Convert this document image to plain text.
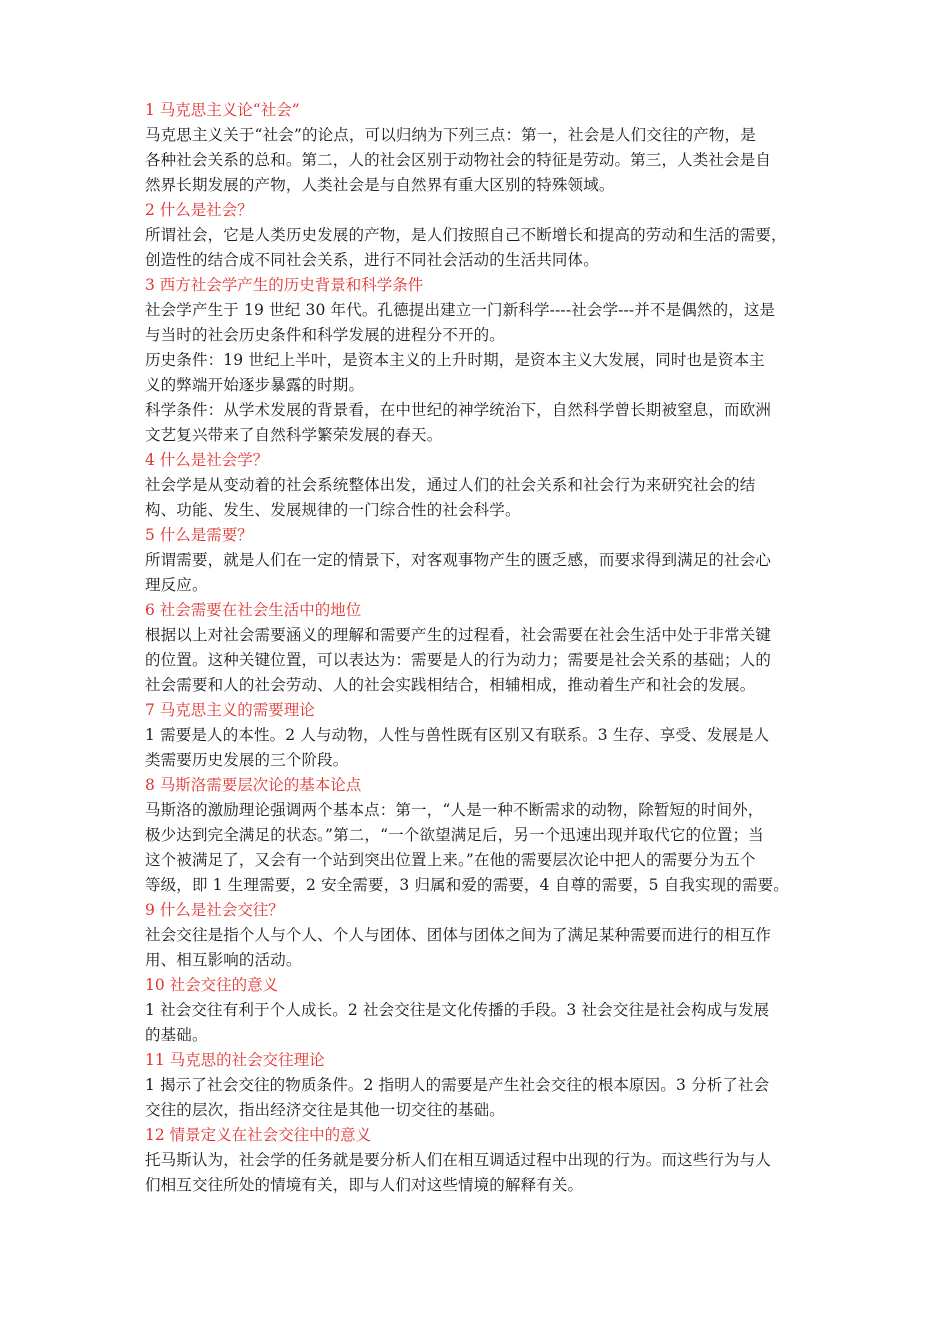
1 马克思主义论“社会”

马克思主义关于“社会”的论点，可以归纳为下列三点：第一，社会是人们交往的产物，是
各种社会关系的总和。第二，人的社会区别于动物社会的特征是劳动。第三，人类社会是自
然界长期发展的产物，人类社会是与自然界有重大区别的特殊领域。

2 什么是社会？

所谓社会，它是人类历史发展的产物，是人们按照自己不断增长和提高的劳动和生活的需要，
创造性的结合成不同社会关系，进行不同社会活动的生活共同体。

3 西方社会学产生的历史背景和科学条件

社会学产生于 19 世纪 30 年代。孔德提出建立一门新科学----社会学---并不是偶然的，这是
与当时的社会历史条件和科学发展的进程分不开的。

历史条件：19 世纪上半叶，是资本主义的上升时期，是资本主义大发展，同时也是资本主
义的弊端开始逐步暴露的时期。

科学条件：从学术发展的背景看，在中世纪的神学统治下，自然科学曾长期被窒息，而欧洲
文艺复兴带来了自然科学繁荣发展的春天。

4 什么是社会学？

社会学是从变动着的社会系统整体出发，通过人们的社会关系和社会行为来研究社会的结
构、功能、发生、发展规律的一门综合性的社会科学。

5 什么是需要？

所谓需要，就是人们在一定的情景下，对客观事物产生的匮乏感，而要求得到满足的社会心
理反应。

6 社会需要在社会生活中的地位

根据以上对社会需要涵义的理解和需要产生的过程看，社会需要在社会生活中处于非常关键
的位置。这种关键位置，可以表达为：需要是人的行为动力；需要是社会关系的基础；人的
社会需要和人的社会劳动、人的社会实践相结合，相辅相成，推动着生产和社会的发展。

7 马克思主义的需要理论

1 需要是人的本性。2 人与动物，人性与兽性既有区别又有联系。3 生存、享受、发展是人
类需要历史发展的三个阶段。

8 马斯洛需要层次论的基本论点

马斯洛的激励理论强调两个基本点：第一，“人是一种不断需求的动物，除暂短的时间外，
极少达到完全满足的状态。”第二，“一个欲望满足后，另一个迅速出现并取代它的位置；当
这个被满足了，又会有一个站到突出位置上来。”在他的需要层次论中把人的需要分为五个
等级，即 1 生理需要，2 安全需要，3 归属和爱的需要，4 自尊的需要，5 自我实现的需要。

9 什么是社会交往？

社会交往是指个人与个人、个人与团体、团体与团体之间为了满足某种需要而进行的相互作
用、相互影响的活动。

10 社会交往的意义

1 社会交往有利于个人成长。2 社会交往是文化传播的手段。3 社会交往是社会构成与发展
的基础。

11 马克思的社会交往理论

1 揭示了社会交往的物质条件。2 指明人的需要是产生社会交往的根本原因。3 分析了社会
交往的层次，指出经济交往是其他一切交往的基础。

12 情景定义在社会交往中的意义

托马斯认为，社会学的任务就是要分析人们在相互调适过程中出现的行为。而这些行为与人
们相互交往所处的情境有关，即与人们对这些情境的解释有关。
